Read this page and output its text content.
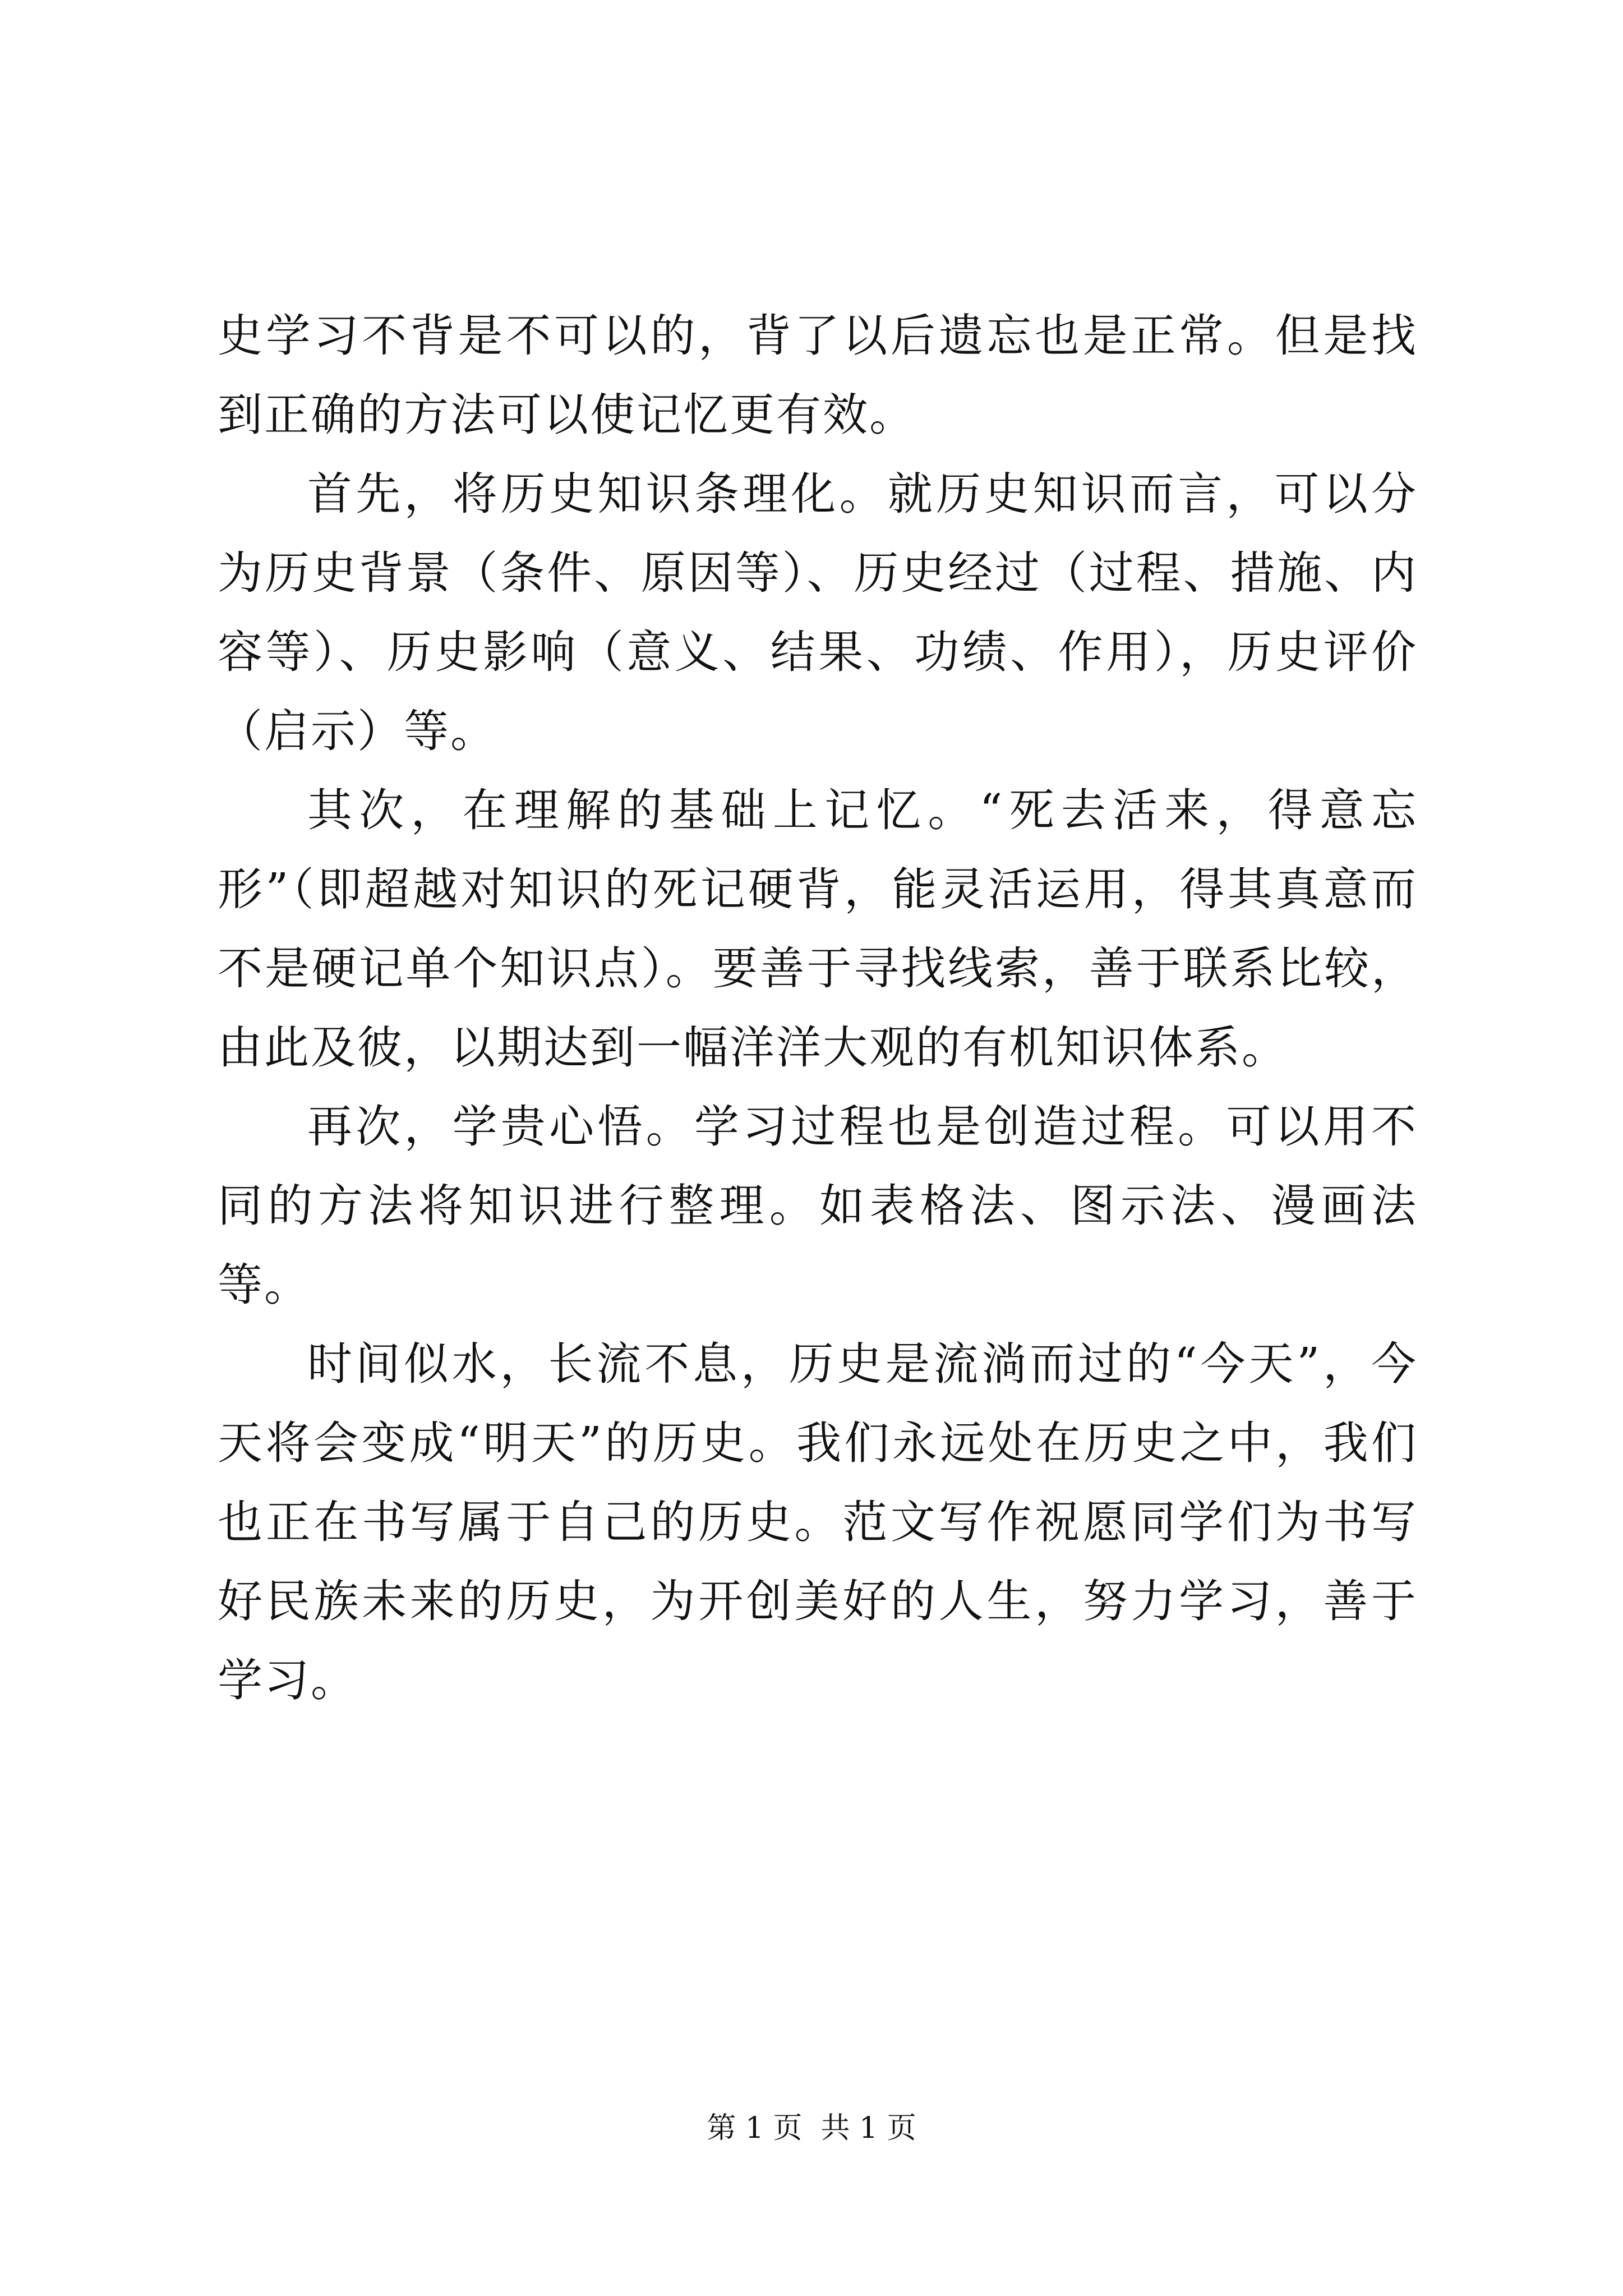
史学习不背是不可以的，背了以后遗忘也是正常。但是找到正确的方法可以使记忆更有效。

首先，将历史知识条理化。就历史知识而言，可以分为历史背景（条件、原因等）、历史经过（过程、措施、内容等）、历史影响（意义、结果、功绩、作用），历史评价（启示）等。

其次，在理解的基础上记忆。“死去活来，得意忘形”（即超越对知识的死记硬背，能灵活运用，得其真意而不是硬记单个知识点）。要善于寻找线索，善于联系比较，由此及彼，以期达到一幅洋洋大观的有机知识体系。

再次，学贵心悟。学习过程也是创造过程。可以用不同的方法将知识进行整理。如表格法、图示法、漫画法等。

时间似水，长流不息，历史是流淌而过的“今天”，今天将会变成“明天”的历史。我们永远处在历史之中，我们也正在书写属于自己的历史。范文写作祝愿同学们为书写好民族未来的历史，为开创美好的人生，努力学习，善于学习。

第 1 页  共 1 页
